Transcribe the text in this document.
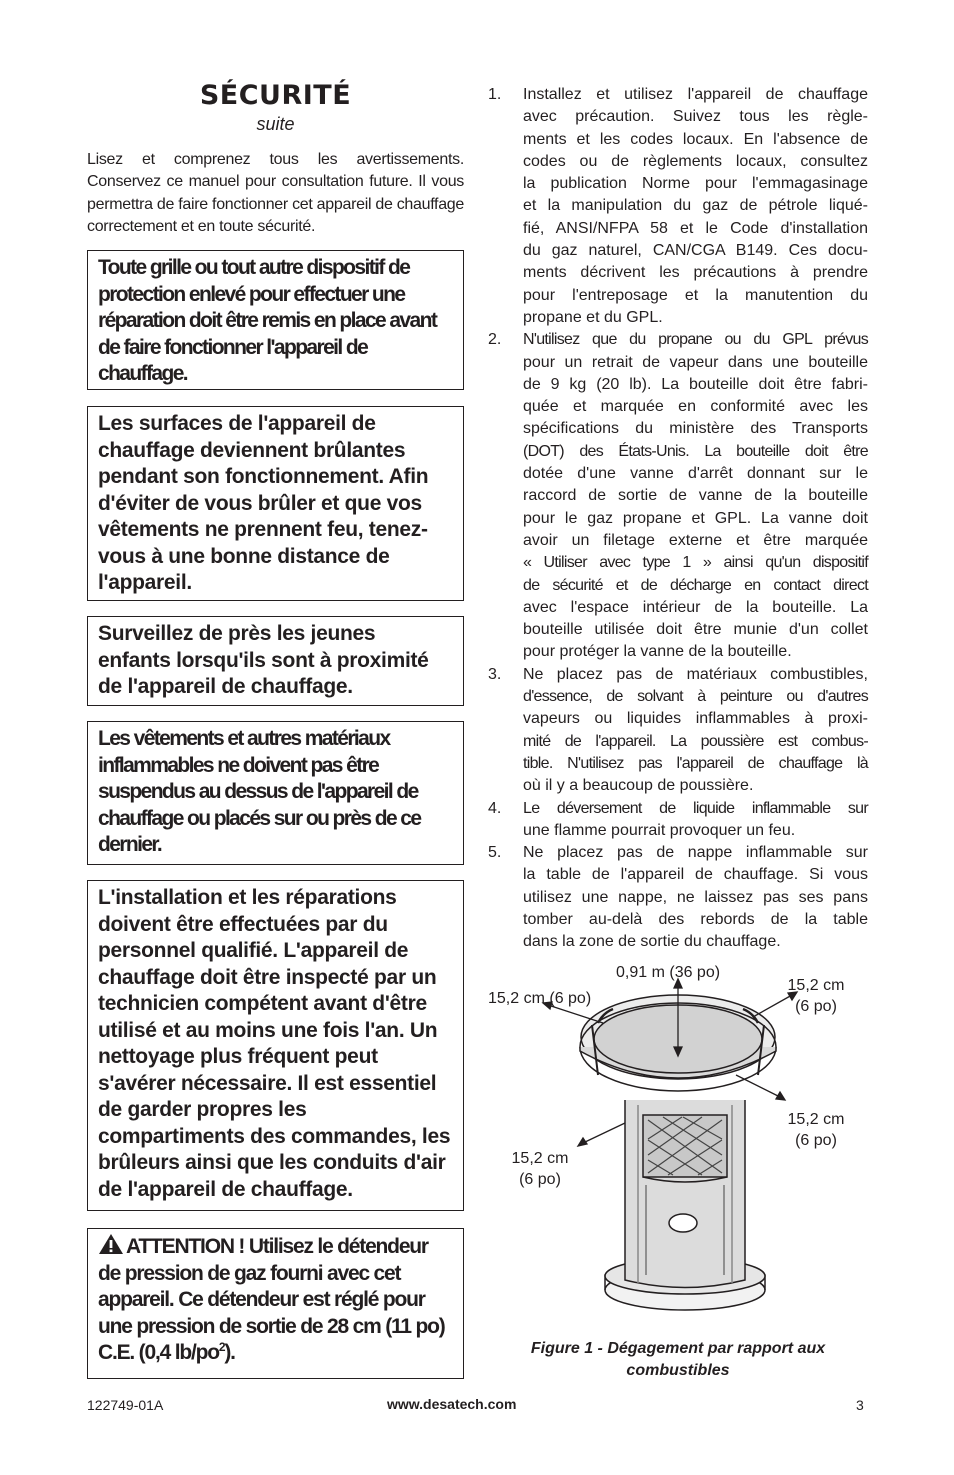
SÉCURITÉ
suite
Lisez et comprenez tous les avertissements. Conservez ce manuel pour consultation future. Il vous permettra de faire fonctionner cet appareil de chauffage correctement et en toute sécurité.

Toute grille ou tout autre dispositif de protection enlevé pour effectuer une réparation doit être remis en place avant de faire fonctionner l'appareil de chauffage.

Les surfaces de l'appareil de chauffage deviennent brûlantes pendant son fonctionnement. Afin d'éviter de vous brûler et que vos vêtements ne prennent feu, tenez-vous à une bonne distance de l'appareil.

Surveillez de près les jeunes enfants lorsqu'ils sont à proximité de l'appareil de chauffage.

Les vêtements et autres matériaux inflammables ne doivent pas être suspendus au dessus de l'appareil de chauffage ou placés sur ou près de ce dernier.

L'installation et les réparations doivent être effectuées par du personnel qualifié. L'appareil de chauffage doit être inspecté par un technicien compétent avant d'être utilisé et au moins une fois l'an. Un nettoyage plus fréquent peut s'avérer nécessaire. Il est essentiel de garder propres les compartiments des commandes, les brûleurs ainsi que les conduits d'air de l'appareil de chauffage.

ATTENTION ! Utilisez le détendeur de pression de gaz fourni avec cet appareil. Ce détendeur est réglé pour une pression de sortie de 28 cm (11 po) C.E. (0,4 $lb/po^2$).

1. Installez et utilisez l'appareil de chauffage
avec précaution. Suivez tous les règle-
ments et les codes locaux. En l'absence de
codes ou de règlements locaux, consultez
la publication Norme pour l'emmagasinage
et la manipulation du gaz de pétrole liqué-
fié, ANSI/NFPA 58 et le Code d'installation
du gaz naturel, CAN/CGA B149. Ces docu-
ments décrivent les précautions à prendre
pour l'entreposage et la manutention du
propane et du GPL.
2. N'utilisez que du propane ou du GPL prévus
pour un retrait de vapeur dans une bouteille
de 9 kg (20 lb). La bouteille doit être fabri-
quée et marquée en conformité avec les
spécifications du ministère des Transports
(DOT) des États-Unis. La bouteille doit être
dotée d'une vanne d'arrêt donnant sur le
raccord de sortie de vanne de la bouteille
pour le gaz propane et GPL. La vanne doit
avoir un filetage externe et être marquée
« Utiliser avec type 1 » ainsi qu'un dispositif
de sécurité et de décharge en contact direct
avec l'espace intérieur de la bouteille. La
bouteille utilisée doit être munie d'un collet
pour protéger la vanne de la bouteille.
3. Ne placez pas de matériaux combustibles,
d'essence, de solvant à peinture ou d'autres
vapeurs ou liquides inflammables à proxi-
mité de l'appareil. La poussière est combus-
tible. N'utilisez pas l'appareil de chauffage là
où il y a beaucoup de poussière.
4. Le déversement de liquide inflammable sur
une flamme pourrait provoquer un feu.
5. Ne placez pas de nappe inflammable sur
la table de l'appareil de chauffage. Si vous
utilisez une nappe, ne laissez pas ses pans
tomber au-delà des rebords de la table
dans la zone de sortie du chauffage.
0,91 m (36 po)
15,2 cm (6 po)
15,2 cm
(6 po)
15,2 cm
(6 po)
15,2 cm
(6 po)
Figure 1 - Dégagement par rapport aux
combustibles
122749-01A	www.desatech.com	3
